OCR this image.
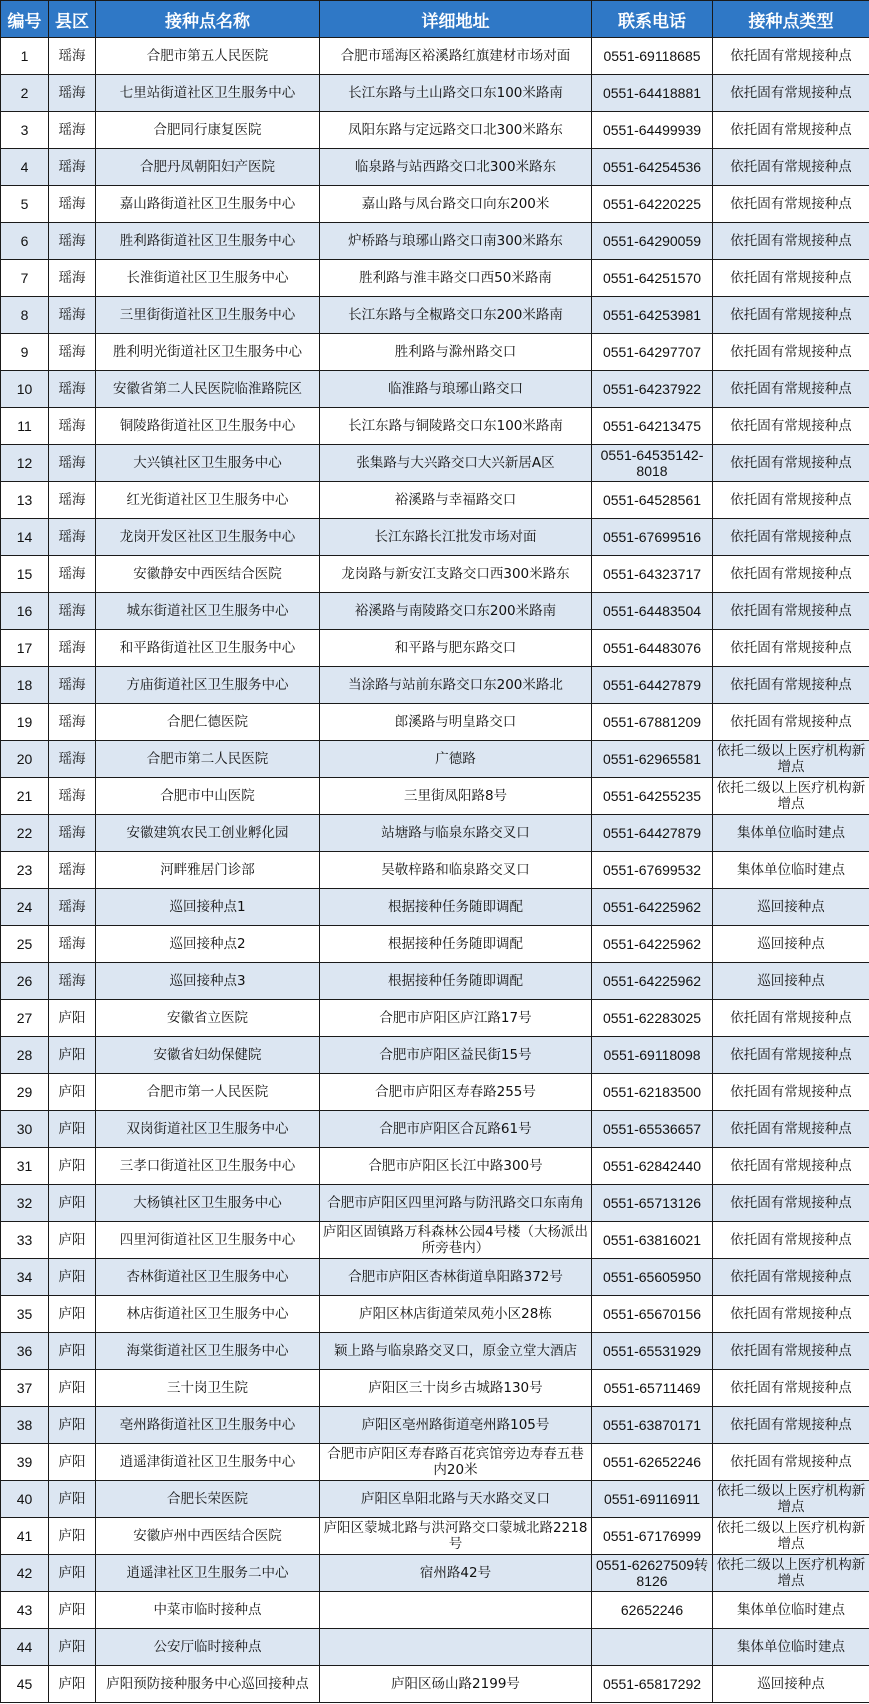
编号	县区	接种点名称	详细地址	联系电话	接种点类型
1	瑶海	合肥市第五人民医院	合肥市瑶海区裕溪路红旗建材市场对面	0551-69118685	依托固有常规接种点
2	瑶海	七里站街道社区卫生服务中心	长江东路与土山路交口东100米路南	0551-64418881	依托固有常规接种点
3	瑶海	合肥同行康复医院	凤阳东路与定远路交口北300米路东	0551-64499939	依托固有常规接种点
4	瑶海	合肥丹凤朝阳妇产医院	临泉路与站西路交口北300米路东	0551-64254536	依托固有常规接种点
5	瑶海	嘉山路街道社区卫生服务中心	嘉山路与凤台路交口向东200米	0551-64220225	依托固有常规接种点
6	瑶海	胜利路街道社区卫生服务中心	炉桥路与琅琊山路交口南300米路东	0551-64290059	依托固有常规接种点
7	瑶海	长淮街道社区卫生服务中心	胜利路与淮丰路交口西50米路南	0551-64251570	依托固有常规接种点
8	瑶海	三里街街道社区卫生服务中心	长江东路与全椒路交口东200米路南	0551-64253981	依托固有常规接种点
9	瑶海	胜利明光街道社区卫生服务中心	胜利路与滁州路交口	0551-64297707	依托固有常规接种点
10	瑶海	安徽省第二人民医院临淮路院区	临淮路与琅琊山路交口	0551-64237922	依托固有常规接种点
11	瑶海	铜陵路街道社区卫生服务中心	长江东路与铜陵路交口东100米路南	0551-64213475	依托固有常规接种点
12	瑶海	大兴镇社区卫生服务中心	张集路与大兴路交口大兴新居A区	0551-64535142-8018	依托固有常规接种点
13	瑶海	红光街道社区卫生服务中心	裕溪路与幸福路交口	0551-64528561	依托固有常规接种点
14	瑶海	龙岗开发区社区卫生服务中心	长江东路长江批发市场对面	0551-67699516	依托固有常规接种点
15	瑶海	安徽静安中西医结合医院	龙岗路与新安江支路交口西300米路东	0551-64323717	依托固有常规接种点
16	瑶海	城东街道社区卫生服务中心	裕溪路与南陵路交口东200米路南	0551-64483504	依托固有常规接种点
17	瑶海	和平路街道社区卫生服务中心	和平路与肥东路交口	0551-64483076	依托固有常规接种点
18	瑶海	方庙街道社区卫生服务中心	当涂路与站前东路交口东200米路北	0551-64427879	依托固有常规接种点
19	瑶海	合肥仁德医院	郎溪路与明皇路交口	0551-67881209	依托固有常规接种点
20	瑶海	合肥市第二人民医院	广德路	0551-62965581	依托二级以上医疗机构新增点
21	瑶海	合肥市中山医院	三里街凤阳路8号	0551-64255235	依托二级以上医疗机构新增点
22	瑶海	安徽建筑农民工创业孵化园	站塘路与临泉东路交叉口	0551-64427879	集体单位临时建点
23	瑶海	河畔雅居门诊部	吴敬梓路和临泉路交叉口	0551-67699532	集体单位临时建点
24	瑶海	巡回接种点1	根据接种任务随即调配	0551-64225962	巡回接种点
25	瑶海	巡回接种点2	根据接种任务随即调配	0551-64225962	巡回接种点
26	瑶海	巡回接种点3	根据接种任务随即调配	0551-64225962	巡回接种点
27	庐阳	安徽省立医院	合肥市庐阳区庐江路17号	0551-62283025	依托固有常规接种点
28	庐阳	安徽省妇幼保健院	合肥市庐阳区益民街15号	0551-69118098	依托固有常规接种点
29	庐阳	合肥市第一人民医院	合肥市庐阳区寿春路255号	0551-62183500	依托固有常规接种点
30	庐阳	双岗街道社区卫生服务中心	合肥市庐阳区合瓦路61号	0551-65536657	依托固有常规接种点
31	庐阳	三孝口街道社区卫生服务中心	合肥市庐阳区长江中路300号	0551-62842440	依托固有常规接种点
32	庐阳	大杨镇社区卫生服务中心	合肥市庐阳区四里河路与防汛路交口东南角	0551-65713126	依托固有常规接种点
33	庐阳	四里河街道社区卫生服务中心	庐阳区固镇路万科森林公园4号楼（大杨派出所旁巷内）	0551-63816021	依托固有常规接种点
34	庐阳	杏林街道社区卫生服务中心	合肥市庐阳区杏林街道阜阳路372号	0551-65605950	依托固有常规接种点
35	庐阳	林店街道社区卫生服务中心	庐阳区林店街道荣凤苑小区28栋	0551-65670156	依托固有常规接种点
36	庐阳	海棠街道社区卫生服务中心	颖上路与临泉路交叉口，原金立堂大酒店	0551-65531929	依托固有常规接种点
37	庐阳	三十岗卫生院	庐阳区三十岗乡古城路130号	0551-65711469	依托固有常规接种点
38	庐阳	亳州路街道社区卫生服务中心	庐阳区亳州路街道亳州路105号	0551-63870171	依托固有常规接种点
39	庐阳	逍遥津街道社区卫生服务中心	合肥市庐阳区寿春路百花宾馆旁边寿春五巷内20米	0551-62652246	依托固有常规接种点
40	庐阳	合肥长荣医院	庐阳区阜阳北路与天水路交叉口	0551-69116911	依托二级以上医疗机构新增点
41	庐阳	安徽庐州中西医结合医院	庐阳区蒙城北路与洪河路交口蒙城北路2218号	0551-67176999	依托二级以上医疗机构新增点
42	庐阳	逍遥津社区卫生服务二中心	宿州路42号	0551-62627509转8126	依托二级以上医疗机构新增点
43	庐阳	中菜市临时接种点		62652246	集体单位临时建点
44	庐阳	公安厅临时接种点			集体单位临时建点
45	庐阳	庐阳预防接种服务中心巡回接种点	庐阳区砀山路2199号	0551-65817292	巡回接种点
